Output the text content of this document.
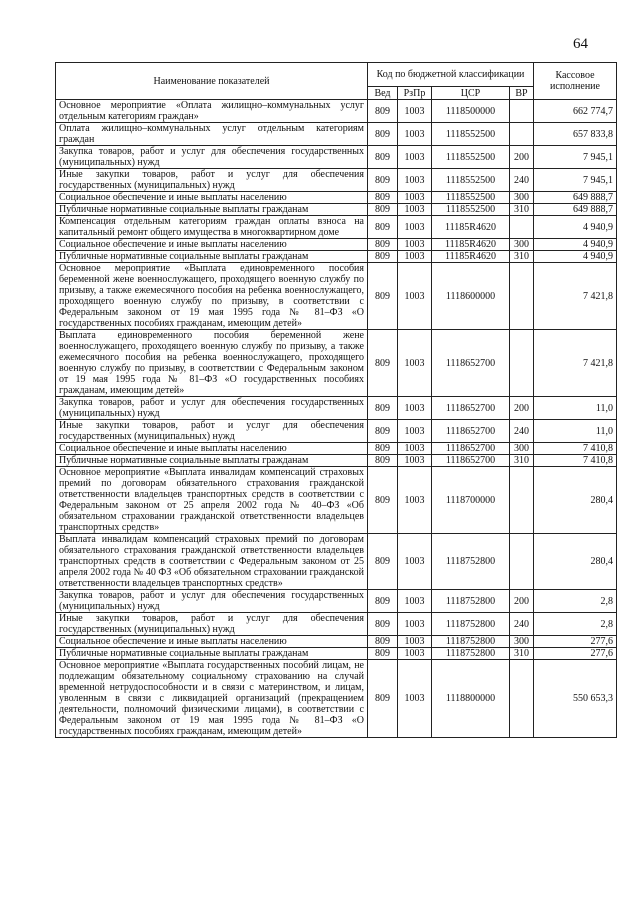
64
Наименование показателей	Код по бюджетной классификации				Кассовое исполнение
	Вед	РзПр	ЦСР	ВР	
Основное мероприятие «Оплата жилищно–коммунальных услуг отдельным категориям граждан»	809	1003	1118500000		662 774,7
Оплата жилищно–коммунальных услуг отдельным категориям граждан	809	1003	1118552500		657 833,8
Закупка товаров, работ и услуг для обеспечения государственных (муниципальных) нужд	809	1003	1118552500	200	7 945,1
Иные закупки товаров, работ и услуг для обеспечения государственных (муниципальных) нужд	809	1003	1118552500	240	7 945,1
Социальное обеспечение и иные выплаты населению	809	1003	1118552500	300	649 888,7
Публичные нормативные социальные выплаты гражданам	809	1003	1118552500	310	649 888,7
Компенсация отдельным категориям граждан оплаты взноса на капитальный ремонт общего имущества в многоквартирном доме	809	1003	11185R4620		4 940,9
Социальное обеспечение и иные выплаты населению	809	1003	11185R4620	300	4 940,9
Публичные нормативные социальные выплаты гражданам	809	1003	11185R4620	310	4 940,9
Основное мероприятие «Выплата единовременного пособия беременной жене военнослужащего, проходящего военную службу по призыву, а также ежемесячного пособия на ребенка военнослужащего, проходящего военную службу по призыву, в соответствии с Федеральным законом от 19 мая 1995 года № 81–ФЗ «О государственных пособиях гражданам, имеющим детей»	809	1003	1118600000		7 421,8
Выплата единовременного пособия беременной жене военнослужащего, проходящего военную службу по призыву, а также ежемесячного пособия на ребенка военнослужащего, проходящего военную службу по призыву, в соответствии с Федеральным законом от 19 мая 1995 года № 81–ФЗ «О государственных пособиях гражданам, имеющим детей»	809	1003	1118652700		7 421,8
Закупка товаров, работ и услуг для обеспечения государственных (муниципальных) нужд	809	1003	1118652700	200	11,0
Иные закупки товаров, работ и услуг для обеспечения государственных (муниципальных) нужд	809	1003	1118652700	240	11,0
Социальное обеспечение и иные выплаты населению	809	1003	1118652700	300	7 410,8
Публичные нормативные социальные выплаты гражданам	809	1003	1118652700	310	7 410,8
Основное мероприятие «Выплата инвалидам компенсаций страховых премий по договорам обязательного страхования гражданской ответственности владельцев транспортных средств в соответствии с Федеральным законом от 25 апреля 2002 года № 40–ФЗ «Об обязательном страховании гражданской ответственности владельцев транспортных средств»	809	1003	1118700000		280,4
Выплата инвалидам компенсаций страховых премий по договорам обязательного страхования гражданской ответственности владельцев транспортных средств в соответствии с Федеральным законом от 25 апреля 2002 года № 40 ФЗ «Об обязательном страховании гражданской ответственности владельцев транспортных средств»	809	1003	1118752800		280,4
Закупка товаров, работ и услуг для обеспечения государственных (муниципальных) нужд	809	1003	1118752800	200	2,8
Иные закупки товаров, работ и услуг для обеспечения государственных (муниципальных) нужд	809	1003	1118752800	240	2,8
Социальное обеспечение и иные выплаты населению	809	1003	1118752800	300	277,6
Публичные нормативные социальные выплаты гражданам	809	1003	1118752800	310	277,6
Основное мероприятие «Выплата государственных пособий лицам, не подлежащим обязательному социальному страхованию на случай временной нетрудоспособности и в связи с материнством, и лицам, уволенным в связи с ликвидацией организаций (прекращением деятельности, полномочий физическими лицами), в соответствии с Федеральным законом от 19 мая 1995 года № 81–ФЗ «О государственных пособиях гражданам, имеющим детей»	809	1003	1118800000		550 653,3
